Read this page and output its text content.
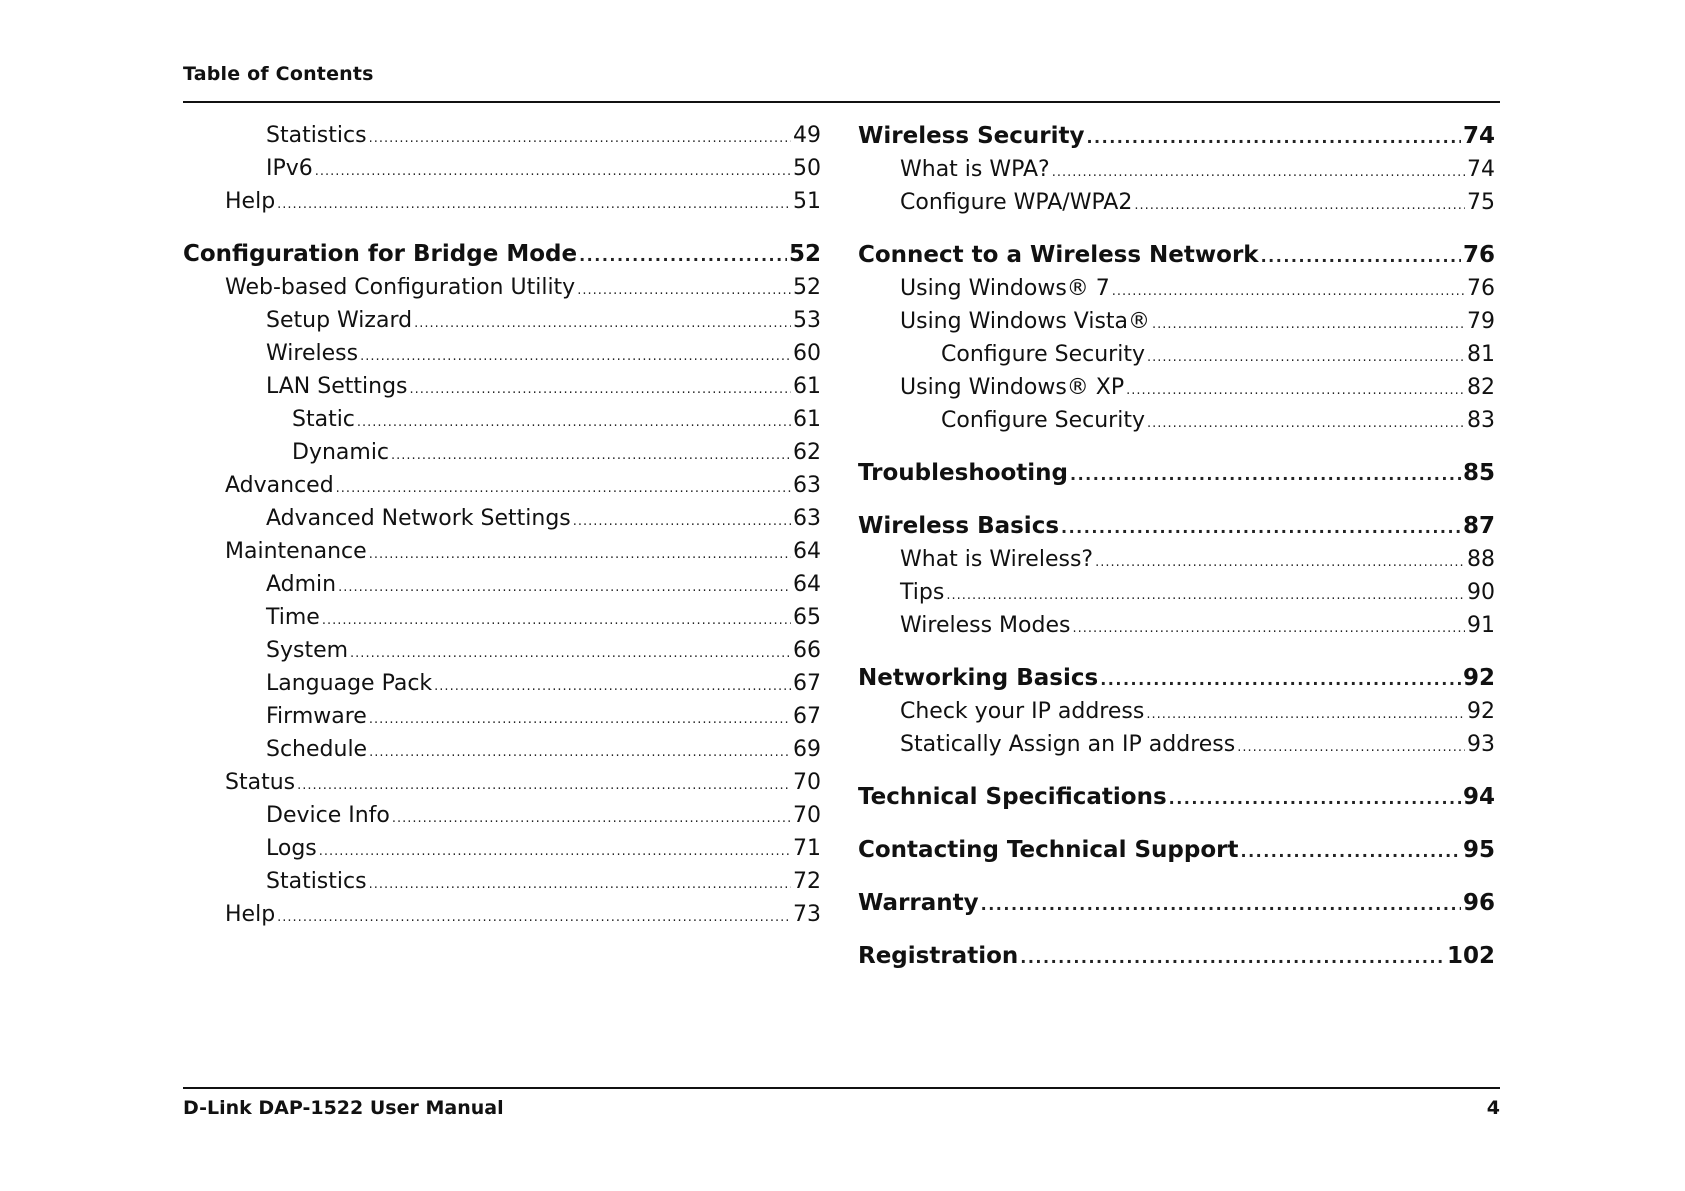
Table of Contents
Statistics .....	49
IPv6 .....	50
Help .....	51
Configuration for Bridge Mode .....	52
Web-based Configuration Utility .....	52
Setup Wizard .....	53
Wireless .....	60
LAN Settings .....	61
Static .....	61
Dynamic .....	62
Advanced .....	63
Advanced Network Settings .....	63
Maintenance .....	64
Admin .....	64
Time .....	65
System .....	66
Language Pack .....	67
Firmware .....	67
Schedule .....	69
Status .....	70
Device Info .....	70
Logs .....	71
Statistics .....	72
Help .....	73
Wireless Security .....	74
What is WPA? .....	74
Configure WPA/WPA2 .....	75
Connect to a Wireless Network .....	76
Using Windows® 7 .....	76
Using Windows Vista® .....	79
Configure Security .....	81
Using Windows® XP .....	82
Configure Security .....	83
Troubleshooting .....	85
Wireless Basics .....	87
What is Wireless? .....	88
Tips .....	90
Wireless Modes .....	91
Networking Basics .....	92
Check your IP address .....	92
Statically Assign an IP address .....	93
Technical Specifications .....	94
Contacting Technical Support .....	95
Warranty .....	96
Registration .....	102
D-Link DAP-1522 User Manual	4
